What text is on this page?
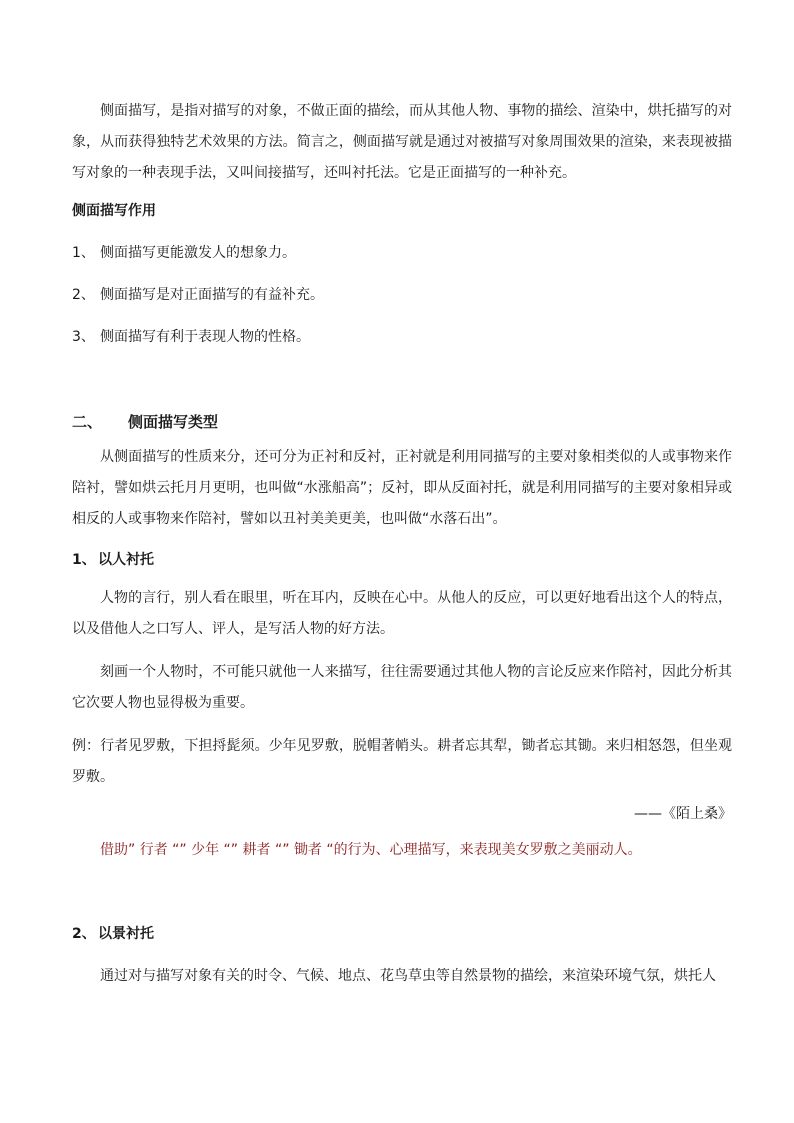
侧面描写，是指对描写的对象，不做正面的描绘，而从其他人物、事物的描绘、渲染中，烘托描写的对象，从而获得独特艺术效果的方法。简言之，侧面描写就是通过对被描写对象周围效果的渲染，来表现被描写对象的一种表现手法，又叫间接描写，还叫衬托法。它是正面描写的一种补充。

侧面描写作用

1、 侧面描写更能激发人的想象力。
2、 侧面描写是对正面描写的有益补充。
3、 侧面描写有利于表现人物的性格。
二、	侧面描写类型

从侧面描写的性质来分，还可分为正衬和反衬，正衬就是利用同描写的主要对象相类似的人或事物来作陪衬，譬如烘云托月月更明，也叫做“水涨船高”；反衬，即从反面衬托，就是利用同描写的主要对象相异或相反的人或事物来作陪衬，譬如以丑衬美美更美，也叫做“水落石出”。

1、 以人衬托

人物的言行，别人看在眼里，听在耳内，反映在心中。从他人的反应，可以更好地看出这个人的特点，以及借他人之口写人、评人，是写活人物的好方法。

刻画一个人物时，不可能只就他一人来描写，往往需要通过其他人物的言论反应来作陪衬，因此分析其它次要人物也显得极为重要。

例：行者见罗敷，下担捋髭须。少年见罗敷，脱帽著帩头。耕者忘其犁，锄者忘其锄。来归相怒怨，但坐观罗敷。

——《陌上桑》

借助” 行者 “” 少年 “” 耕者 “” 锄者 “的行为、心理描写，来表现美女罗敷之美丽动人。

2、 以景衬托

通过对与描写对象有关的时令、气候、地点、花鸟草虫等自然景物的描绘，来渲染环境气氛，烘托人
